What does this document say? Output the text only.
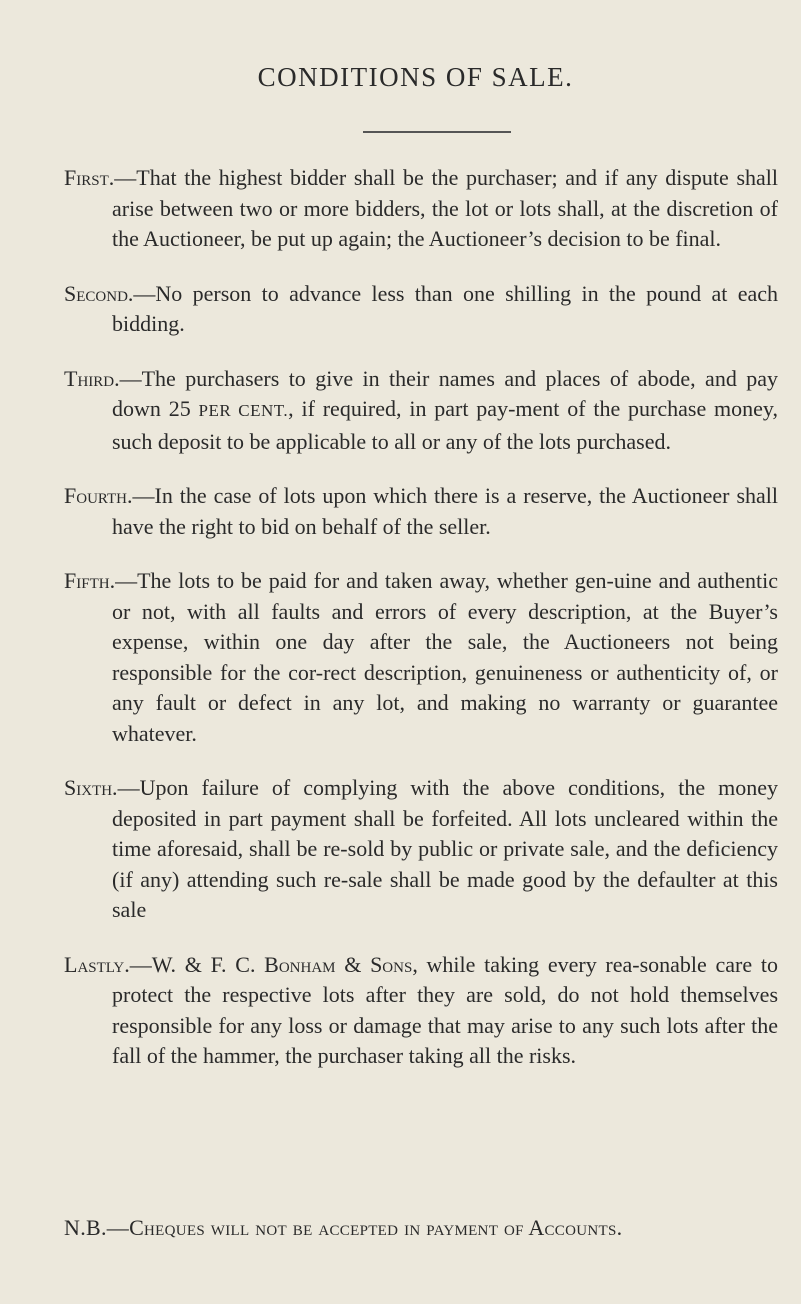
CONDITIONS OF SALE.

First.—That the highest bidder shall be the purchaser; and if any dispute shall arise between two or more bidders, the lot or lots shall, at the discretion of the Auctioneer, be put up again; the Auctioneer’s decision to be final.

Second.—No person to advance less than one shilling in the pound at each bidding.

Third.—The purchasers to give in their names and places of abode, and pay down 25 PER CENT., if required, in part pay-ment of the purchase money, such deposit to be applicable to all or any of the lots purchased.

Fourth.—In the case of lots upon which there is a reserve, the Auctioneer shall have the right to bid on behalf of the seller.

Fifth.—The lots to be paid for and taken away, whether gen-uine and authentic or not, with all faults and errors of every description, at the Buyer’s expense, within one day after the sale, the Auctioneers not being responsible for the cor-rect description, genuineness or authenticity of, or any fault or defect in any lot, and making no warranty or guarantee whatever.

Sixth.—Upon failure of complying with the above conditions, the money deposited in part payment shall be forfeited. All lots uncleared within the time aforesaid, shall be re-sold by public or private sale, and the deficiency (if any) attending such re-sale shall be made good by the defaulter at this sale

Lastly.—W. & F. C. Bonham & Sons, while taking every rea-sonable care to protect the respective lots after they are sold, do not hold themselves responsible for any loss or damage that may arise to any such lots after the fall of the hammer, the purchaser taking all the risks.

N.B.—Cheques will not be accepted in payment of Accounts.
